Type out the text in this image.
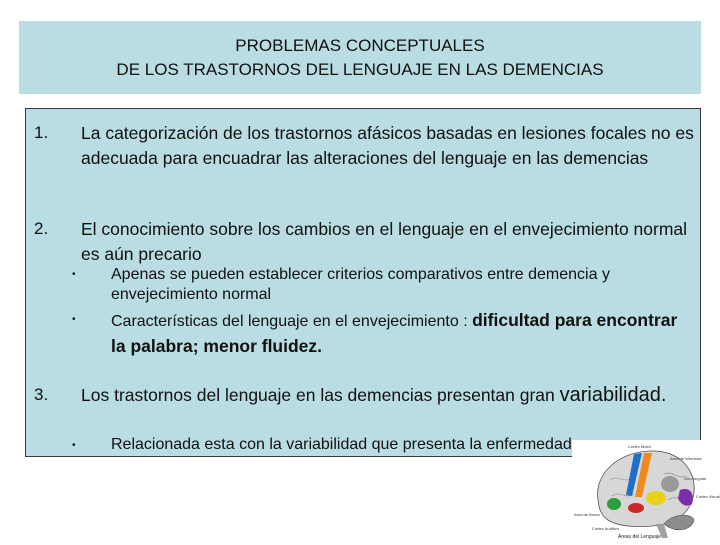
PROBLEMAS CONCEPTUALES
DE LOS TRASTORNOS DEL LENGUAJE EN LAS DEMENCIAS
1. La categorización de los trastornos afásicos basadas en lesiones focales no es adecuada para encuadrar las alteraciones del lenguaje en las demencias
2. El conocimiento sobre los cambios en el lenguaje en el envejecimiento normal es aún precario
• Apenas se pueden establecer criterios comparativos entre demencia y envejecimiento normal
• Características del lenguaje en el envejecimiento : dificultad para encontrar la palabra; menor fluidez.
3. Los trastornos del lenguaje en las demencias presentan gran variabilidad.
• Relacionada esta con la variabilidad que presenta la enfermedad	Cortex Motor
Area de Wernicke
Giro Angular
Cortex Visual
Area de Broca
Cortex Auditivo
Areas del Lenguaje
